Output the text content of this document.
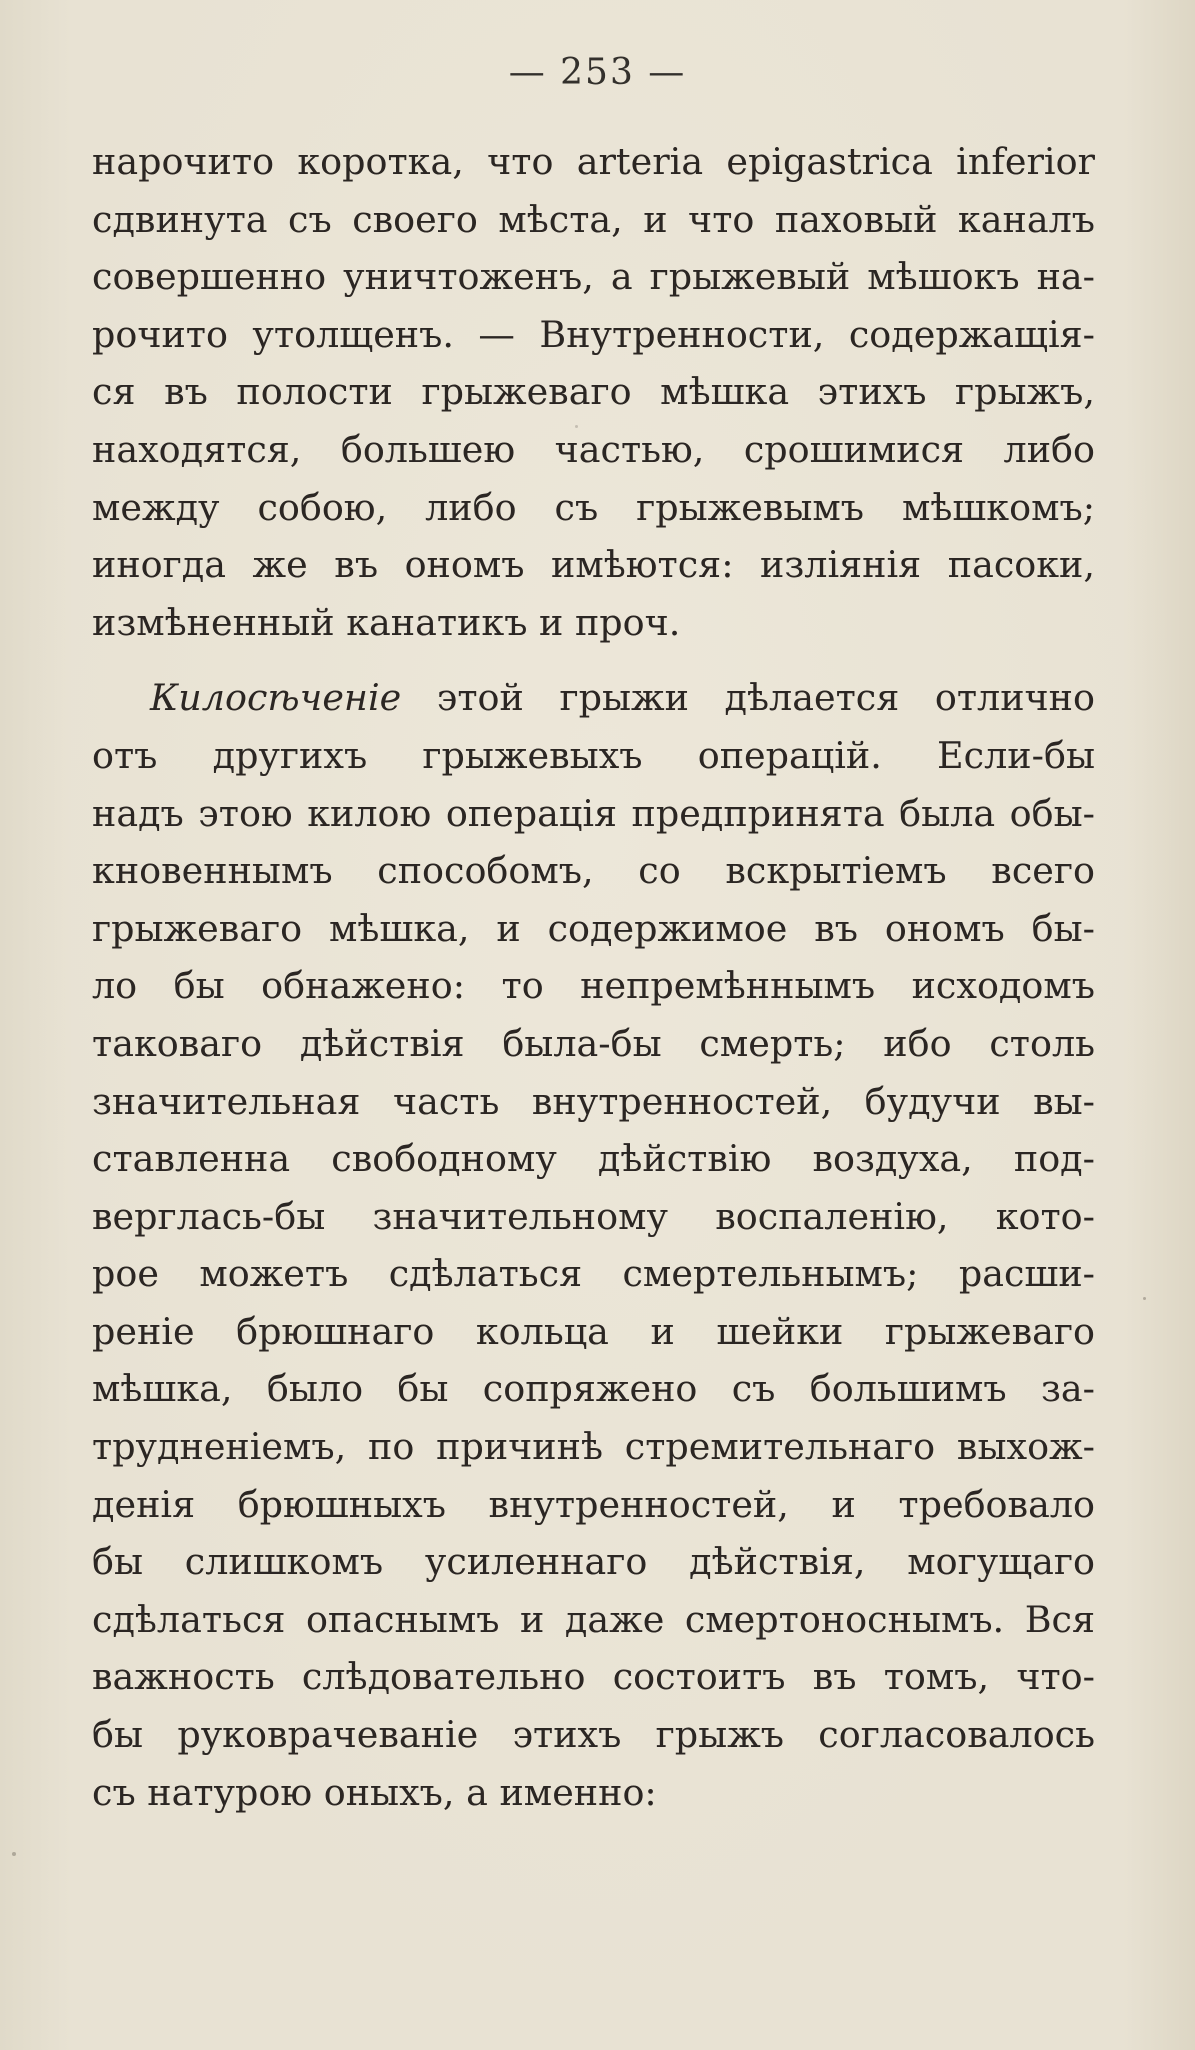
— 253 —
нарочито коротка, что arteria epigastrica inferior
сдвинута съ своего мѣста, и что паховый каналъ
совершенно уничтоженъ, а грыжевый мѣшокъ на-
рочито утолщенъ. — Внутренности, содержащія-
ся въ полости грыжеваго мѣшка этихъ грыжъ,
находятся, большею частью, срошимися либо
между собою, либо съ грыжевымъ мѣшкомъ;
иногда же въ ономъ имѣются: изліянія пасоки,
измѣненный канатикъ и проч.
Килосѣченіе этой грыжи дѣлается отлично
отъ другихъ грыжевыхъ операцій. Если-бы
надъ этою килою операція предпринята была обы-
кновеннымъ способомъ, со вскрытіемъ всего
грыжеваго мѣшка, и содержимое въ ономъ бы-
ло бы обнажено: то непремѣннымъ исходомъ
таковаго дѣйствія была-бы смерть; ибо столь
значительная часть внутренностей, будучи вы-
ставленна свободному дѣйствію воздуха, под-
верглась-бы значительному воспаленію, кото-
рое можетъ сдѣлаться смертельнымъ; расши-
реніе брюшнаго кольца и шейки грыжеваго
мѣшка, было бы сопряжено съ большимъ за-
трудненіемъ, по причинѣ стремительнаго выхож-
денія брюшныхъ внутренностей, и требовало
бы слишкомъ усиленнаго дѣйствія, могущаго
сдѣлаться опаснымъ и даже смертоноснымъ. Вся
важность слѣдовательно состоитъ въ томъ, что-
бы руковрачеваніе этихъ грыжъ согласовалось
съ натурою оныхъ, а именно:
